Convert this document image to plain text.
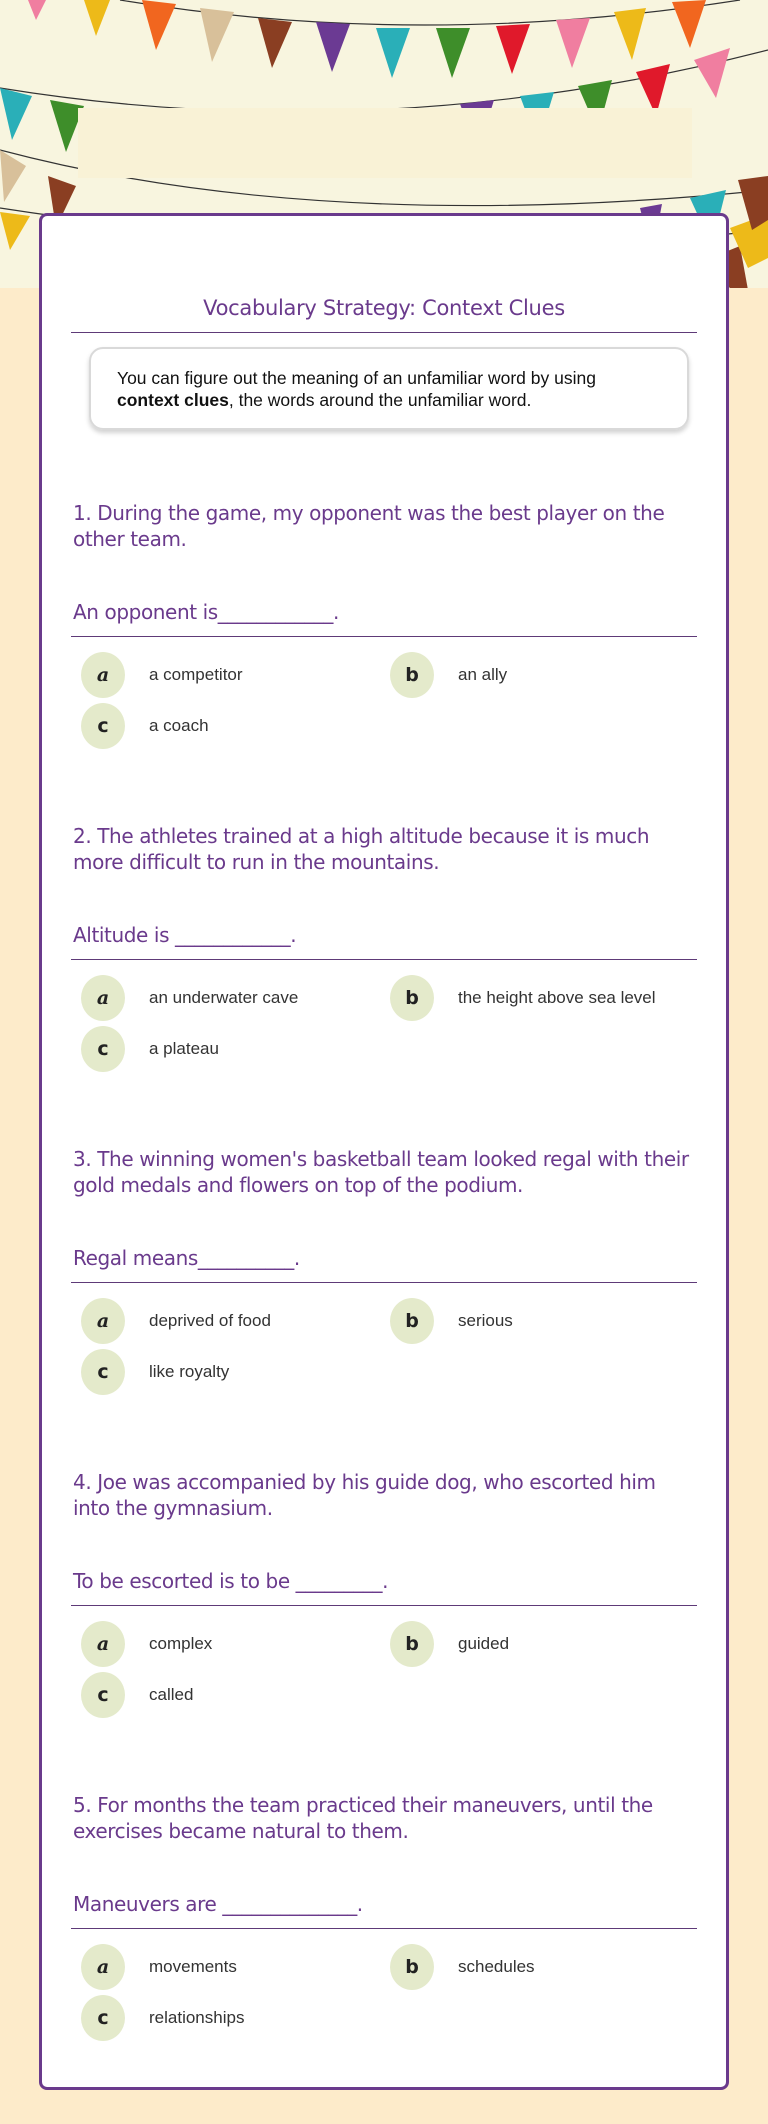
Vocabulary Strategy: Context Clues
You can figure out the meaning of an unfamiliar word by using context clues, the words around the unfamiliar word.
1. During the game, my opponent was the best player on the other team.
An opponent is____________.
a	a competitor	b	an ally
c	a coach
2. The athletes trained at a high altitude because it is much more difficult to run in the mountains.
Altitude is ____________.
a	an underwater cave	b	the height above sea level
c	a plateau
3. The winning women's basketball team looked regal with their gold medals and flowers on top of the podium.
Regal means__________.
a	deprived of food	b	serious
c	like royalty
4. Joe was accompanied by his guide dog, who escorted him into the gymnasium.
To be escorted is to be _________.
a	complex	b	guided
c	called
5. For months the team practiced their maneuvers, until the exercises became natural to them.
Maneuvers are ______________.
a	movements	b	schedules
c	relationships
